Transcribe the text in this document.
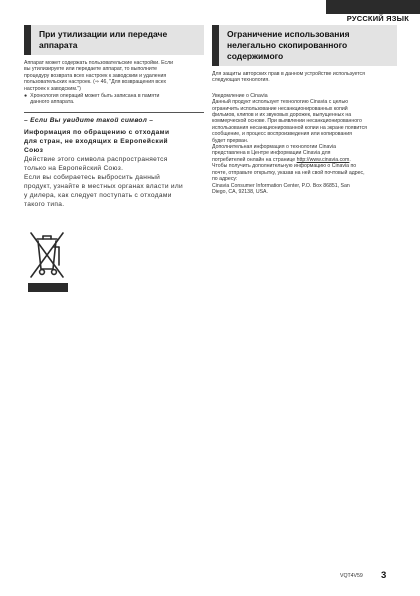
РУССКИЙ ЯЗЫК
При утилизации или передаче
аппарата

Аппарат может содержать пользовательские настройки. Если

вы утилизируете или передаете аппарат, то выполните

процедуру возврата всех настроек к заводским и удаления

пользовательских настроек. (⇒ 46, "Для возвращения всех

настроек к заводским.")

● Хронология операций может быть записана в памяти

данного аппарата.

– Если Вы увидите такой символ –

Информация по обращению с отходами

для стран, не входящих в Европейский

Союз

Действие этого символа распространяется

только на Европейский Союз.

Если вы собираетесь выбросить данный

продукт, узнайте в местных органах власти или

у дилера, как следует поступать с отходами

такого типа.

Ограничение использования
нелегально скопированного
содержимого

Для защиты авторских прав в данном устройстве используется

следующая технология.

Уведомление о Cinavia

Данный продукт использует технологию Cinavia с целью

ограничить использование несанкционированных копий

фильмов, клипов и их звуковых дорожек, выпущенных на

коммерческой основе. При выявлении несанкционированного

использования несанкционированной копии на экране появится

сообщение, и процесс воспроизведения или копирования

будет прерван.

Дополнительная информация о технологии Cinavia

представлена в Центре информации Cinavia для

потребителей онлайн на странице http://www.cinavia.com.

Чтобы получить дополнительную информацию о Cinavia по

почте, отправьте открытку, указав на ней свой почтовый адрес,

по адресу:

Cinavia Consumer Information Center, P.O. Box 86851, San

Diego, CA, 92138, USA.

VQT4V59 3
